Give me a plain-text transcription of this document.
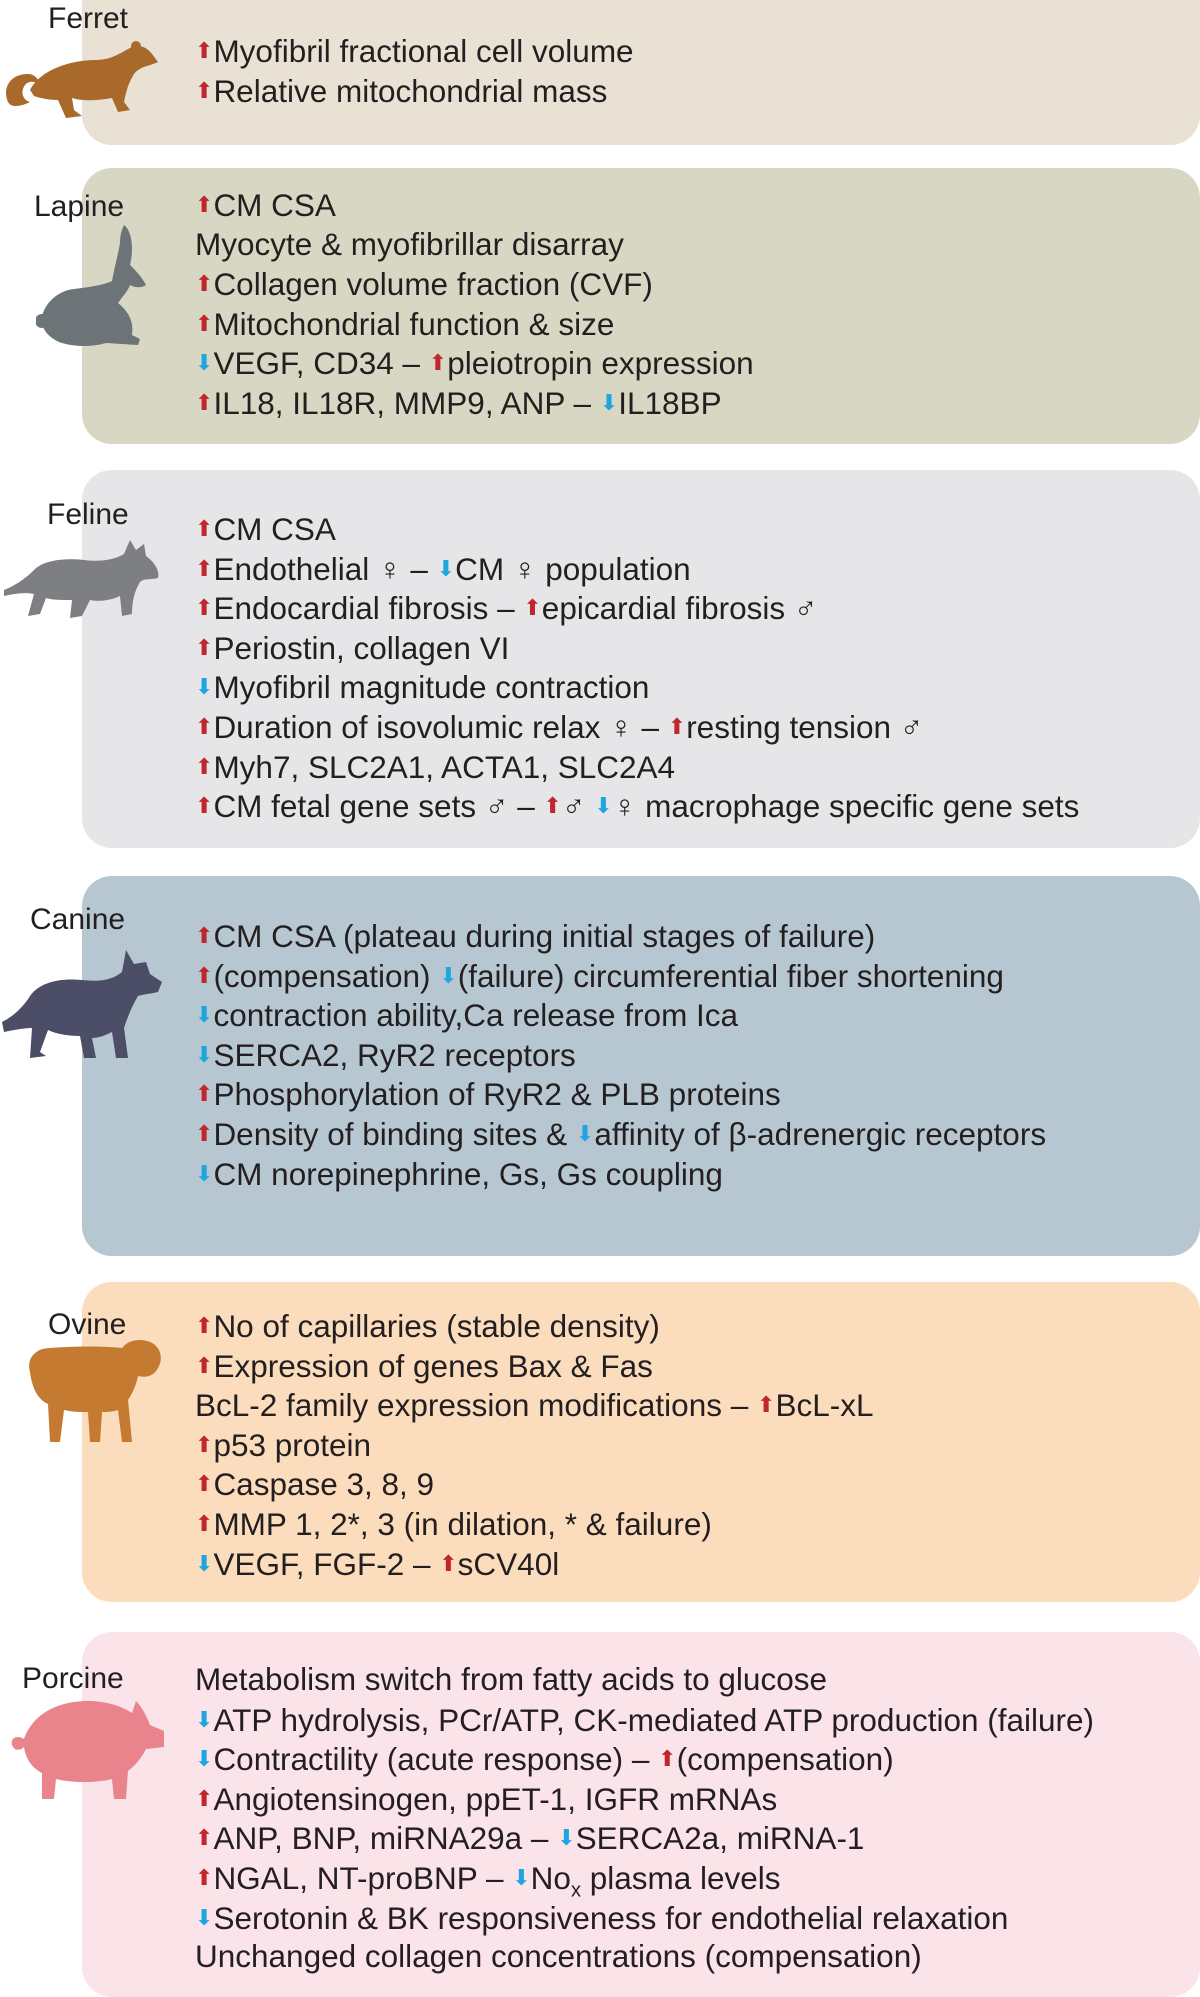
Ferret
Lapine
Feline
Canine
Ovine
Porcine
⬆Myofibril fractional cell volume
⬆Relative mitochondrial mass
⬆CM CSA
Myocyte & myofibrillar disarray
⬆Collagen volume fraction (CVF)
⬆Mitochondrial function & size
⬇VEGF, CD34 – ⬆pleiotropin expression
⬆IL18, IL18R, MMP9, ANP – ⬇IL18BP
⬆CM CSA
⬆Endothelial ♀ – ⬇CM ♀ population
⬆Endocardial fibrosis – ⬆epicardial fibrosis ♂
⬆Periostin, collagen VI
⬇Myofibril magnitude contraction
⬆Duration of isovolumic relax ♀ – ⬆resting tension ♂
⬆Myh7, SLC2A1, ACTA1, SLC2A4
⬆CM fetal gene sets ♂ – ⬆♂ ⬇♀ macrophage specific gene sets
⬆CM CSA (plateau during initial stages of failure)
⬆(compensation) ⬇(failure) circumferential fiber shortening
⬇contraction ability,Ca release from Ica
⬇SERCA2, RyR2 receptors
⬆Phosphorylation of RyR2 & PLB proteins
⬆Density of binding sites & ⬇affinity of β-adrenergic receptors
⬇CM norepinephrine, Gs, Gs coupling
⬆No of capillaries (stable density)
⬆Expression of genes Bax & Fas
BcL-2 family expression modifications – ⬆BcL-xL
⬆p53 protein
⬆Caspase 3, 8, 9
⬆MMP 1, 2*, 3 (in dilation, * & failure)
⬇VEGF, FGF-2 – ⬆sCV40l
Metabolism switch from fatty acids to glucose
⬇ATP hydrolysis, PCr/ATP, CK-mediated ATP production (failure)
⬇Contractility (acute response) – ⬆(compensation)
⬆Angiotensinogen, ppET-1, IGFR mRNAs
⬆ANP, BNP, miRNA29a – ⬇SERCA2a, miRNA-1
⬆NGAL, NT-proBNP – $⬇No_x$ plasma levels
⬇Serotonin & BK responsiveness for endothelial relaxation
Unchanged collagen concentrations (compensation)
